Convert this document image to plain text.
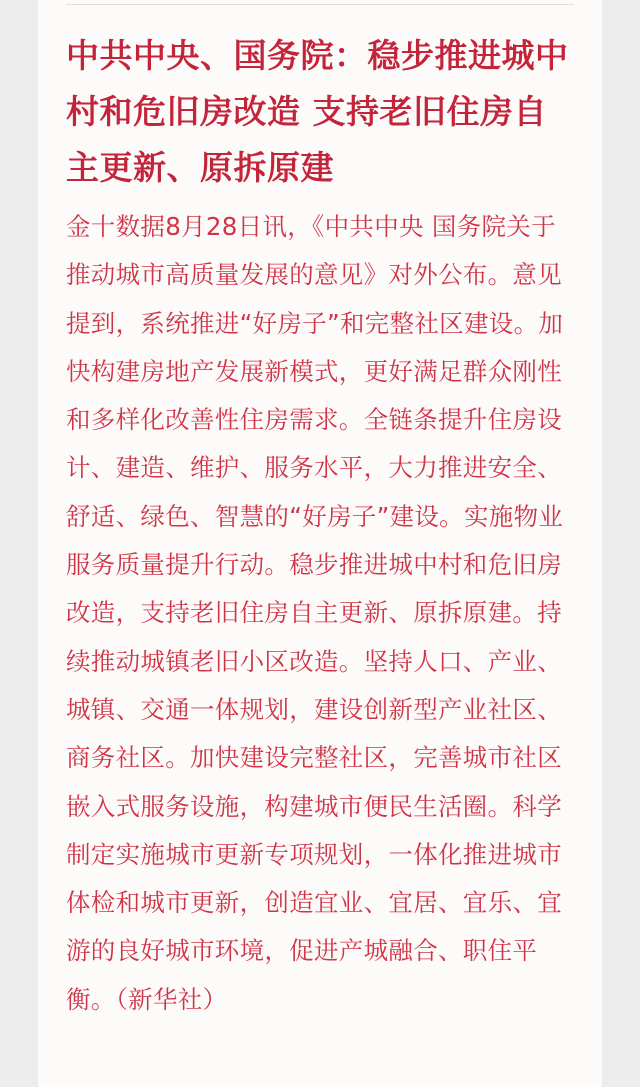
中共中央、国务院：稳步推进城中村和危旧房改造 支持老旧住房自主更新、原拆原建

金十数据8月28日讯，《中共中央 国务院关于推动城市高质量发展的意见》对外公布。意见提到，系统推进“好房子”和完整社区建设。加快构建房地产发展新模式，更好满足群众刚性和多样化改善性住房需求。全链条提升住房设计、建造、维护、服务水平，大力推进安全、舒适、绿色、智慧的“好房子”建设。实施物业服务质量提升行动。稳步推进城中村和危旧房改造，支持老旧住房自主更新、原拆原建。持续推动城镇老旧小区改造。坚持人口、产业、城镇、交通一体规划，建设创新型产业社区、商务社区。加快建设完整社区，完善城市社区嵌入式服务设施，构建城市便民生活圈。科学制定实施城市更新专项规划，一体化推进城市体检和城市更新，创造宜业、宜居、宜乐、宜游的良好城市环境，促进产城融合、职住平衡。（新华社）
